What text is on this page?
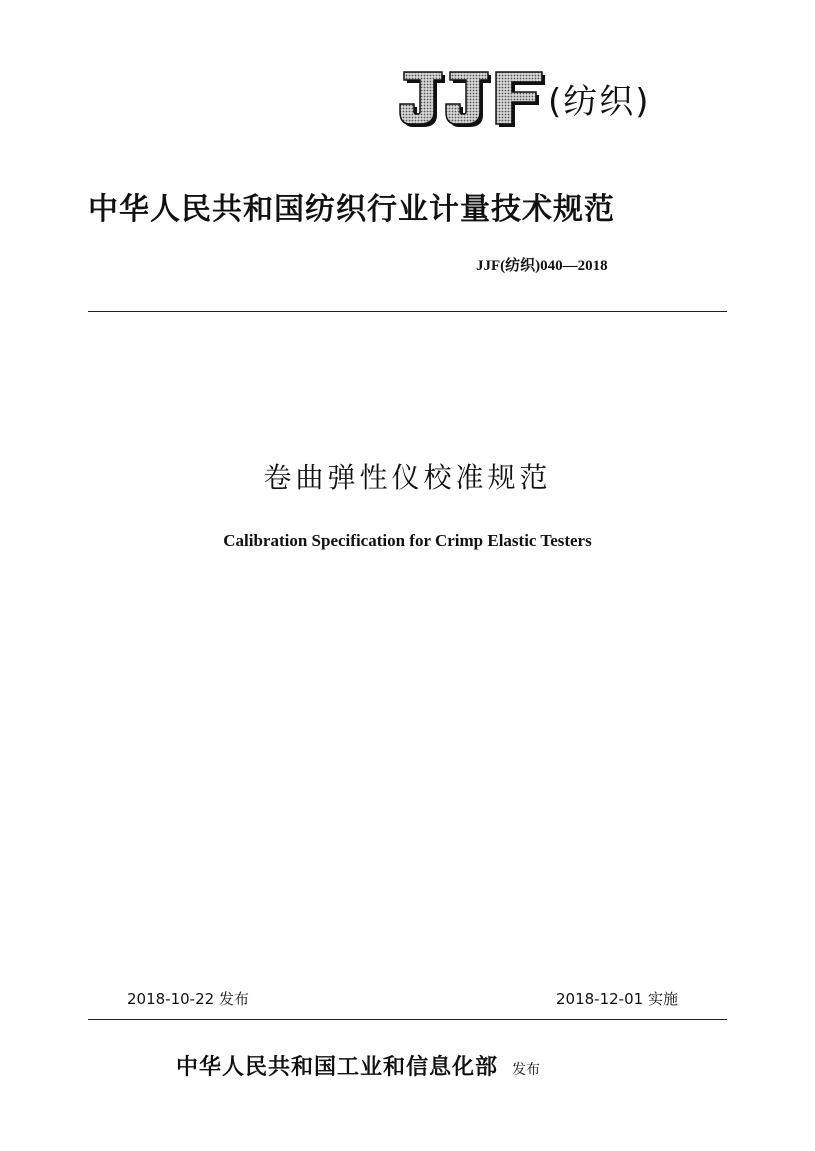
(纺织)
中华人民共和国纺织行业计量技术规范
JJF(纺织)040—2018
卷曲弹性仪校准规范
Calibration Specification for Crimp Elastic Testers
2018-10-22 发布	2018-12-01 实施
中华人民共和国工业和信息化部 发布
